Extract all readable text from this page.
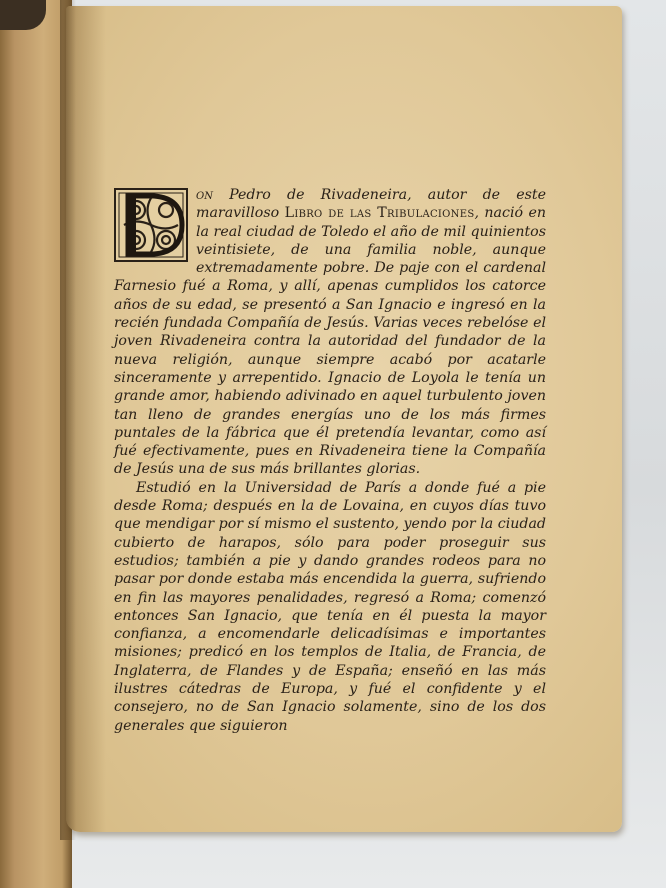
on Pedro de Rivadeneira, autor de este maravilloso Libro de las Tribulaciones, nació en la real ciudad de Toledo el año de mil quinientos veintisiete, de una familia noble, aunque extremadamente pobre. De paje con el cardenal Farnesio fué a Roma, y allí, apenas cumplidos los catorce años de su edad, se presentó a San Ignacio e ingresó en la recién fundada Compañía de Jesús. Varias veces rebelóse el joven Rivadeneira contra la autoridad del fundador de la nueva religión, aunque siempre acabó por acatarle sinceramente y arrepentido. Ignacio de Loyola le tenía un grande amor, habiendo adivinado en aquel turbulento joven tan lleno de grandes energías uno de los más firmes puntales de la fábrica que él pretendía levantar, como así fué efectivamente, pues en Rivadeneira tiene la Compañía de Jesús una de sus más brillantes glorias.

Estudió en la Universidad de París a donde fué a pie desde Roma; después en la de Lovaina, en cuyos días tuvo que mendigar por sí mismo el sustento, yendo por la ciudad cubierto de harapos, sólo para poder proseguir sus estudios; también a pie y dando grandes rodeos para no pasar por donde estaba más encendida la guerra, sufriendo en fin las mayores penalidades, regresó a Roma; comenzó entonces San Ignacio, que tenía en él puesta la mayor confianza, a encomendarle delicadísimas e importantes misiones; predicó en los templos de Italia, de Francia, de Inglaterra, de Flandes y de España; enseñó en las más ilustres cátedras de Europa, y fué el confidente y el consejero, no de San Ignacio solamente, sino de los dos generales que siguieron
